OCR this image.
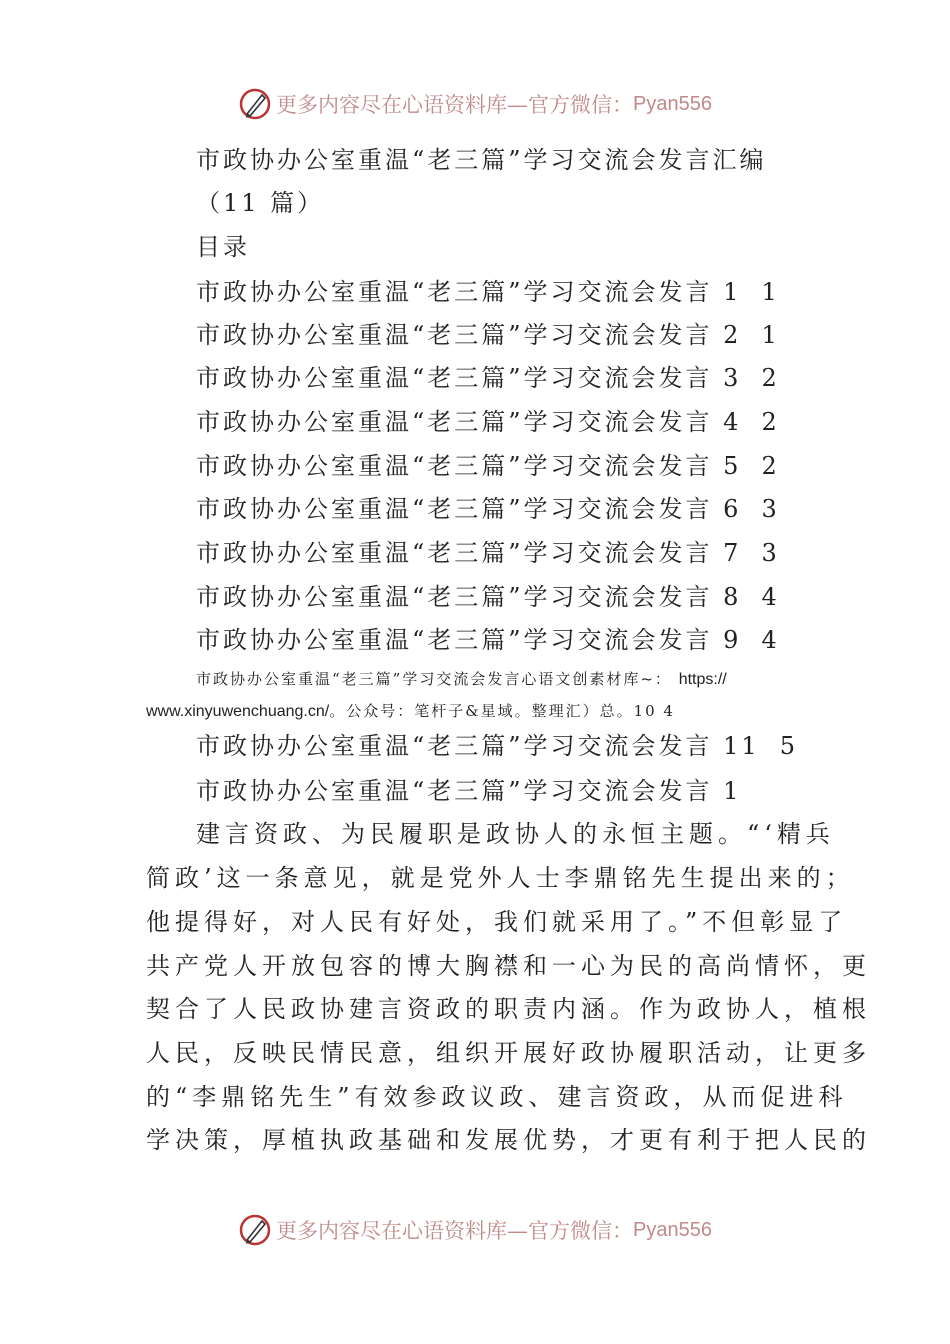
更多内容尽在心语资料库—官方微信： Pyan556
市政协办公室重温“老三篇”学习交流会发言汇编
（11 篇）
目录
市政协办公室重温“老三篇”学习交流会发言 1 1
市政协办公室重温“老三篇”学习交流会发言 2 1
市政协办公室重温“老三篇”学习交流会发言 3 2
市政协办公室重温“老三篇”学习交流会发言 4 2
市政协办公室重温“老三篇”学习交流会发言 5 2
市政协办公室重温“老三篇”学习交流会发言 6 3
市政协办公室重温“老三篇”学习交流会发言 7 3
市政协办公室重温“老三篇”学习交流会发言 8 4
市政协办公室重温“老三篇”学习交流会发言 9 4
市政协办公室重温“老三篇”学习交流会发言心语文创素材库~： https://
www.xinyuwenchuang.cn/。公众号：笔杆子&星域。整理汇）总。10 4
市政协办公室重温“老三篇”学习交流会发言 11 5
市政协办公室重温“老三篇”学习交流会发言 1
建言资政、为民履职是政协人的永恒主题。“‘精兵
简政’这一条意见，就是党外人士李鼎铭先生提出来的；
他提得好，对人民有好处，我们就采用了。”不但彰显了
共产党人开放包容的博大胸襟和一心为民的高尚情怀，更
契合了人民政协建言资政的职责内涵。作为政协人，植根
人民，反映民情民意，组织开展好政协履职活动，让更多
的“李鼎铭先生”有效参政议政、建言资政，从而促进科
学决策，厚植执政基础和发展优势，才更有利于把人民的
更多内容尽在心语资料库—官方微信： Pyan556
